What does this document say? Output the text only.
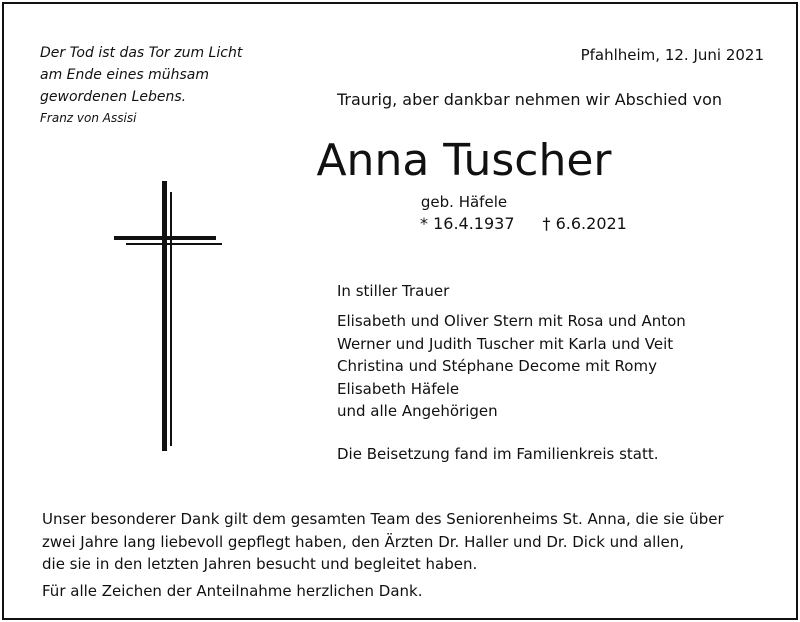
Der Tod ist das Tor zum Licht
am Ende eines mühsam
gewordenen Lebens.
Franz von Assisi
Pfahlheim, 12. Juni 2021
Traurig, aber dankbar nehmen wir Abschied von
Anna Tuscher
geb. Häfele
* 16.4.1937 † 6.6.2021
In stiller Trauer
Elisabeth und Oliver Stern mit Rosa und Anton
Werner und Judith Tuscher mit Karla und Veit
Christina und Stéphane Decome mit Romy
Elisabeth Häfele
und alle Angehörigen
Die Beisetzung fand im Familienkreis statt.
Unser besonderer Dank gilt dem gesamten Team des Seniorenheims St. Anna, die sie über
zwei Jahre lang liebevoll gepflegt haben, den Ärzten Dr. Haller und Dr. Dick und allen,
die sie in den letzten Jahren besucht und begleitet haben.
Für alle Zeichen der Anteilnahme herzlichen Dank.
